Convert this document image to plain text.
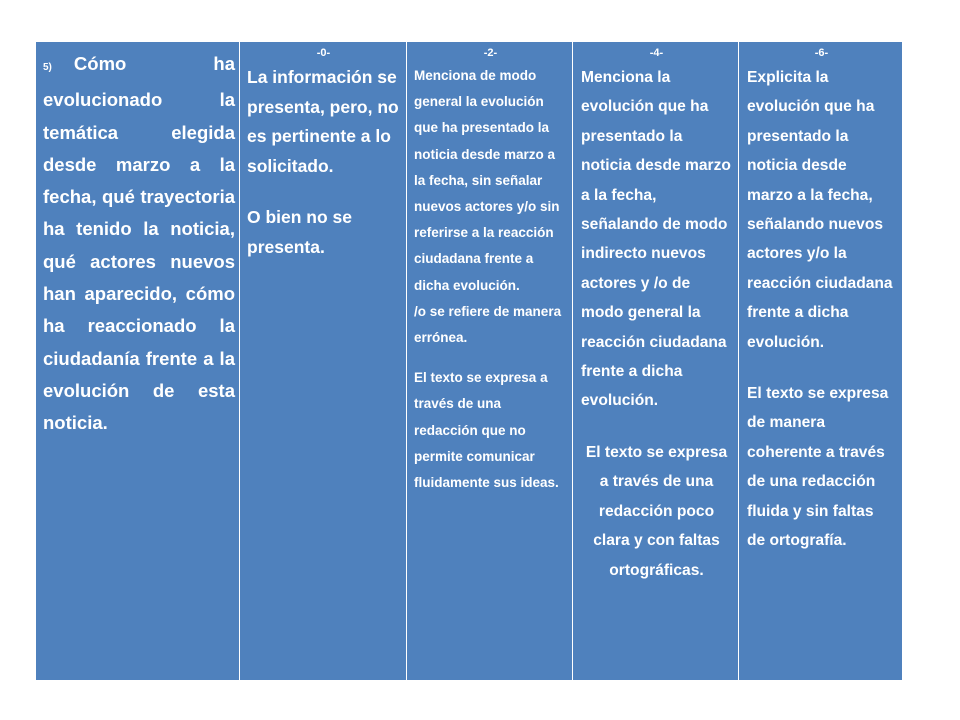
5) Cómo ha evolucionado la temática elegida desde marzo a la fecha, qué trayectoria ha tenido la noticia, qué actores nuevos han aparecido, cómo ha reaccionado la ciudadanía frente a la evolución de esta noticia.

-0-

La información se presenta, pero, no es pertinente a lo solicitado.

O bien no se presenta.

-2-

Menciona de modo general la evolución que ha presentado la noticia desde marzo a la fecha, sin señalar nuevos actores y/o sin referirse a la reacción ciudadana frente a dicha evolución.

/o se refiere de manera errónea.

El texto se expresa a través de una redacción que no permite comunicar fluidamente sus ideas.

-4-

Menciona la evolución que ha presentado la noticia desde marzo a la fecha, señalando de modo indirecto nuevos actores y /o de modo general la reacción ciudadana frente a dicha evolución.

El texto se expresa a través de una redacción poco clara y con faltas ortográficas.

-6-

Explicita la evolución que ha presentado la noticia desde marzo a la fecha, señalando nuevos actores y/o la reacción ciudadana frente a dicha evolución.

El texto se expresa de manera coherente a través de una redacción fluida y sin faltas de ortografía.
